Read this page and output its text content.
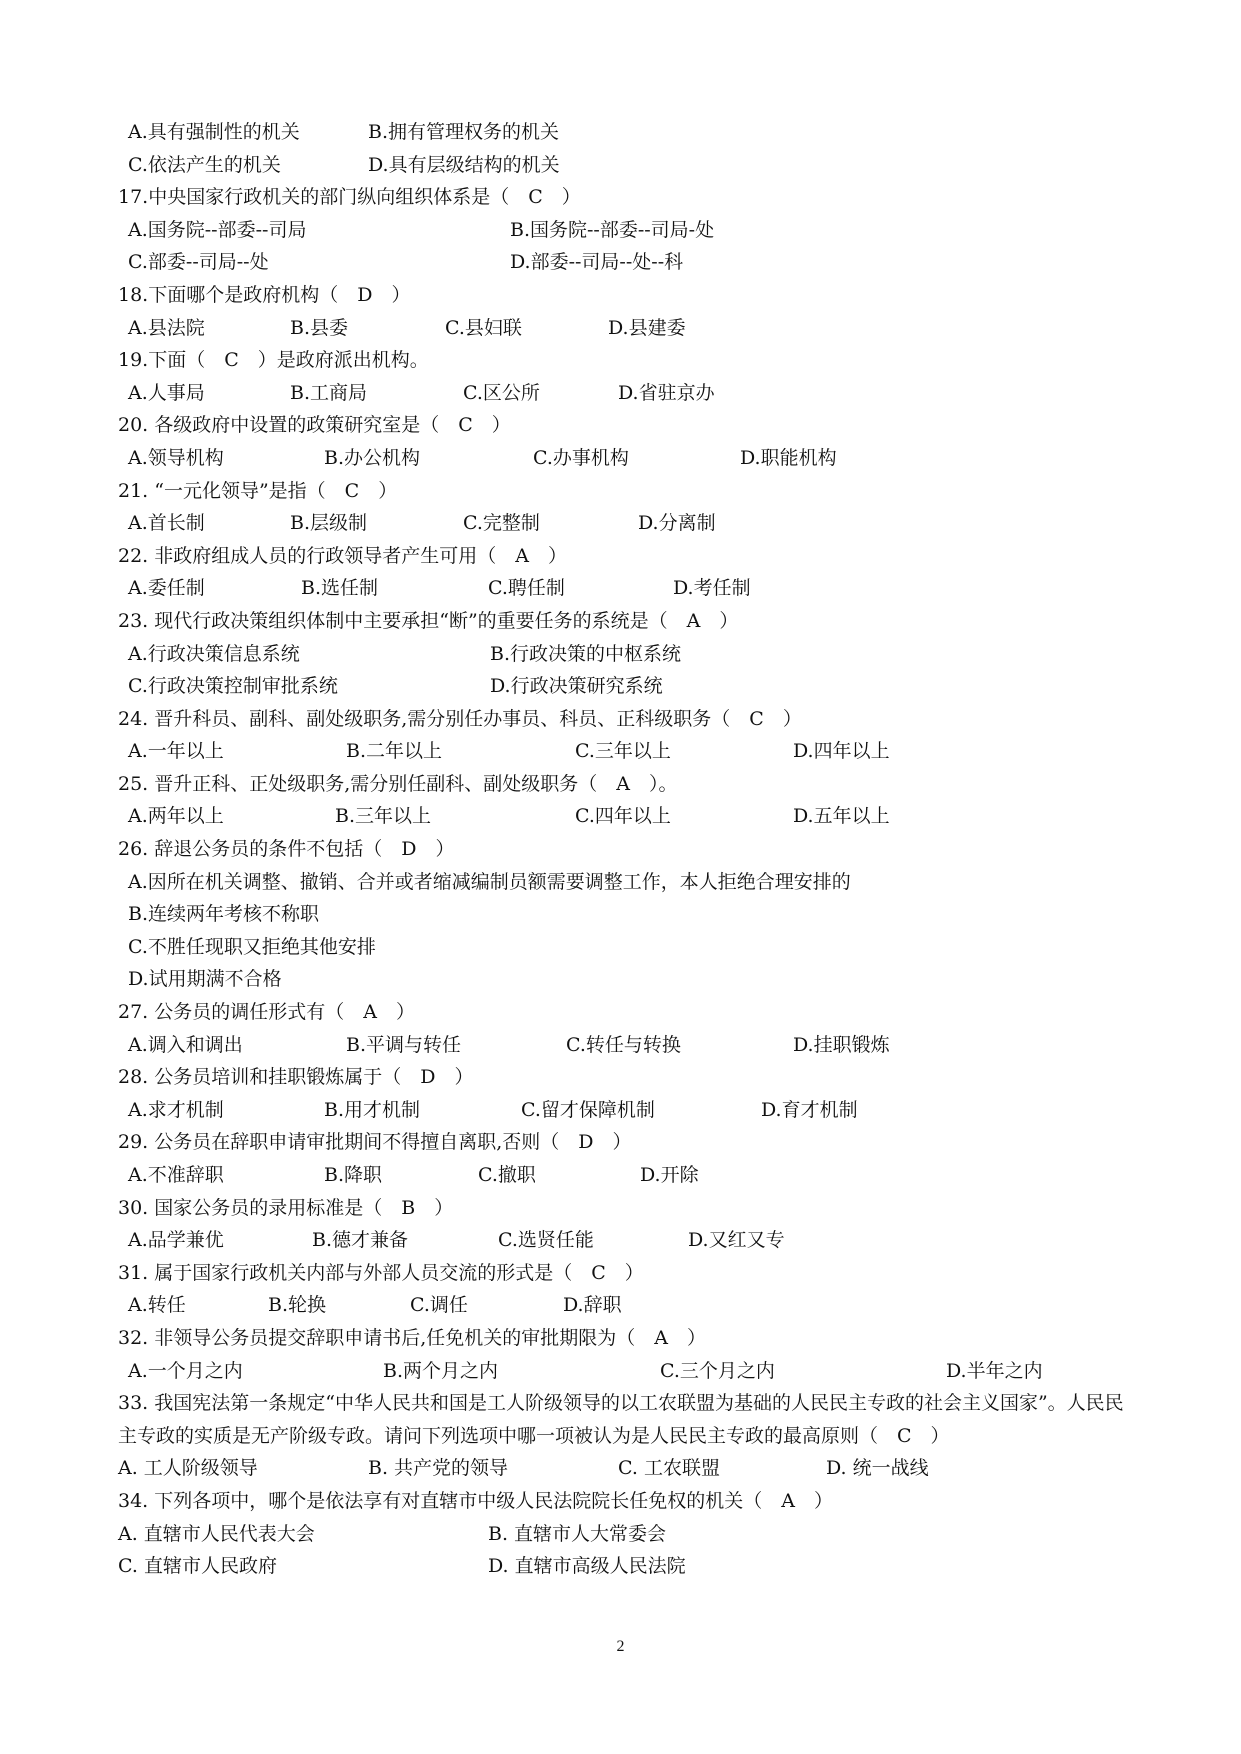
A.具有强制性的机关	B.拥有管理权务的机关
C.依法产生的机关	D.具有层级结构的机关
17.中央国家行政机关的部门纵向组织体系是（　C　）
A.国务院--部委--司局	B.国务院--部委--司局-处
C.部委--司局--处	D.部委--司局--处--科
18.下面哪个是政府机构（　D　）
A.县法院	B.县委	C.县妇联	D.县建委
19.下面（　C　）是政府派出机构。
A.人事局	B.工商局	C.区公所	D.省驻京办
20. 各级政府中设置的政策研究室是（　C　）
A.领导机构	B.办公机构	C.办事机构	D.职能机构
21. “一元化领导”是指（　C　）
A.首长制	B.层级制	C.完整制	D.分离制
22. 非政府组成人员的行政领导者产生可用（　A　）
A.委任制	B.选任制	C.聘任制	D.考任制
23. 现代行政决策组织体制中主要承担“断”的重要任务的系统是（　A　）
A.行政决策信息系统	B.行政决策的中枢系统
C.行政决策控制审批系统	D.行政决策研究系统
24. 晋升科员、副科、副处级职务,需分别任办事员、科员、正科级职务（　C　）
A.一年以上	B.二年以上	C.三年以上	D.四年以上
25. 晋升正科、正处级职务,需分别任副科、副处级职务（　A　）。
A.两年以上	B.三年以上	C.四年以上	D.五年以上
26. 辞退公务员的条件不包括（　D　）
A.因所在机关调整、撤销、合并或者缩减编制员额需要调整工作，本人拒绝合理安排的
B.连续两年考核不称职
C.不胜任现职又拒绝其他安排
D.试用期满不合格
27. 公务员的调任形式有（　A　）
A.调入和调出	B.平调与转任	C.转任与转换	D.挂职锻炼
28. 公务员培训和挂职锻炼属于（　D　）
A.求才机制	B.用才机制	C.留才保障机制	D.育才机制
29. 公务员在辞职申请审批期间不得擅自离职,否则（　D　）
A.不准辞职	B.降职	C.撤职	D.开除
30. 国家公务员的录用标准是（　B　）
A.品学兼优	B.德才兼备	C.选贤任能	D.又红又专
31. 属于国家行政机关内部与外部人员交流的形式是（　C　）
A.转任	B.轮换	C.调任	D.辞职
32. 非领导公务员提交辞职申请书后,任免机关的审批期限为（　A　）
A.一个月之内	B.两个月之内	C.三个月之内	D.半年之内
33. 我国宪法第一条规定“中华人民共和国是工人阶级领导的以工农联盟为基础的人民民主专政的社会主义国家”。人民民主专政的实质是无产阶级专政。请问下列选项中哪一项被认为是人民民主专政的最高原则（　C　）
A. 工人阶级领导	B. 共产党的领导	C. 工农联盟	D. 统一战线
34. 下列各项中，哪个是依法享有对直辖市中级人民法院院长任免权的机关（　A　）
A. 直辖市人民代表大会	B. 直辖市人大常委会
C. 直辖市人民政府	D. 直辖市高级人民法院
2
